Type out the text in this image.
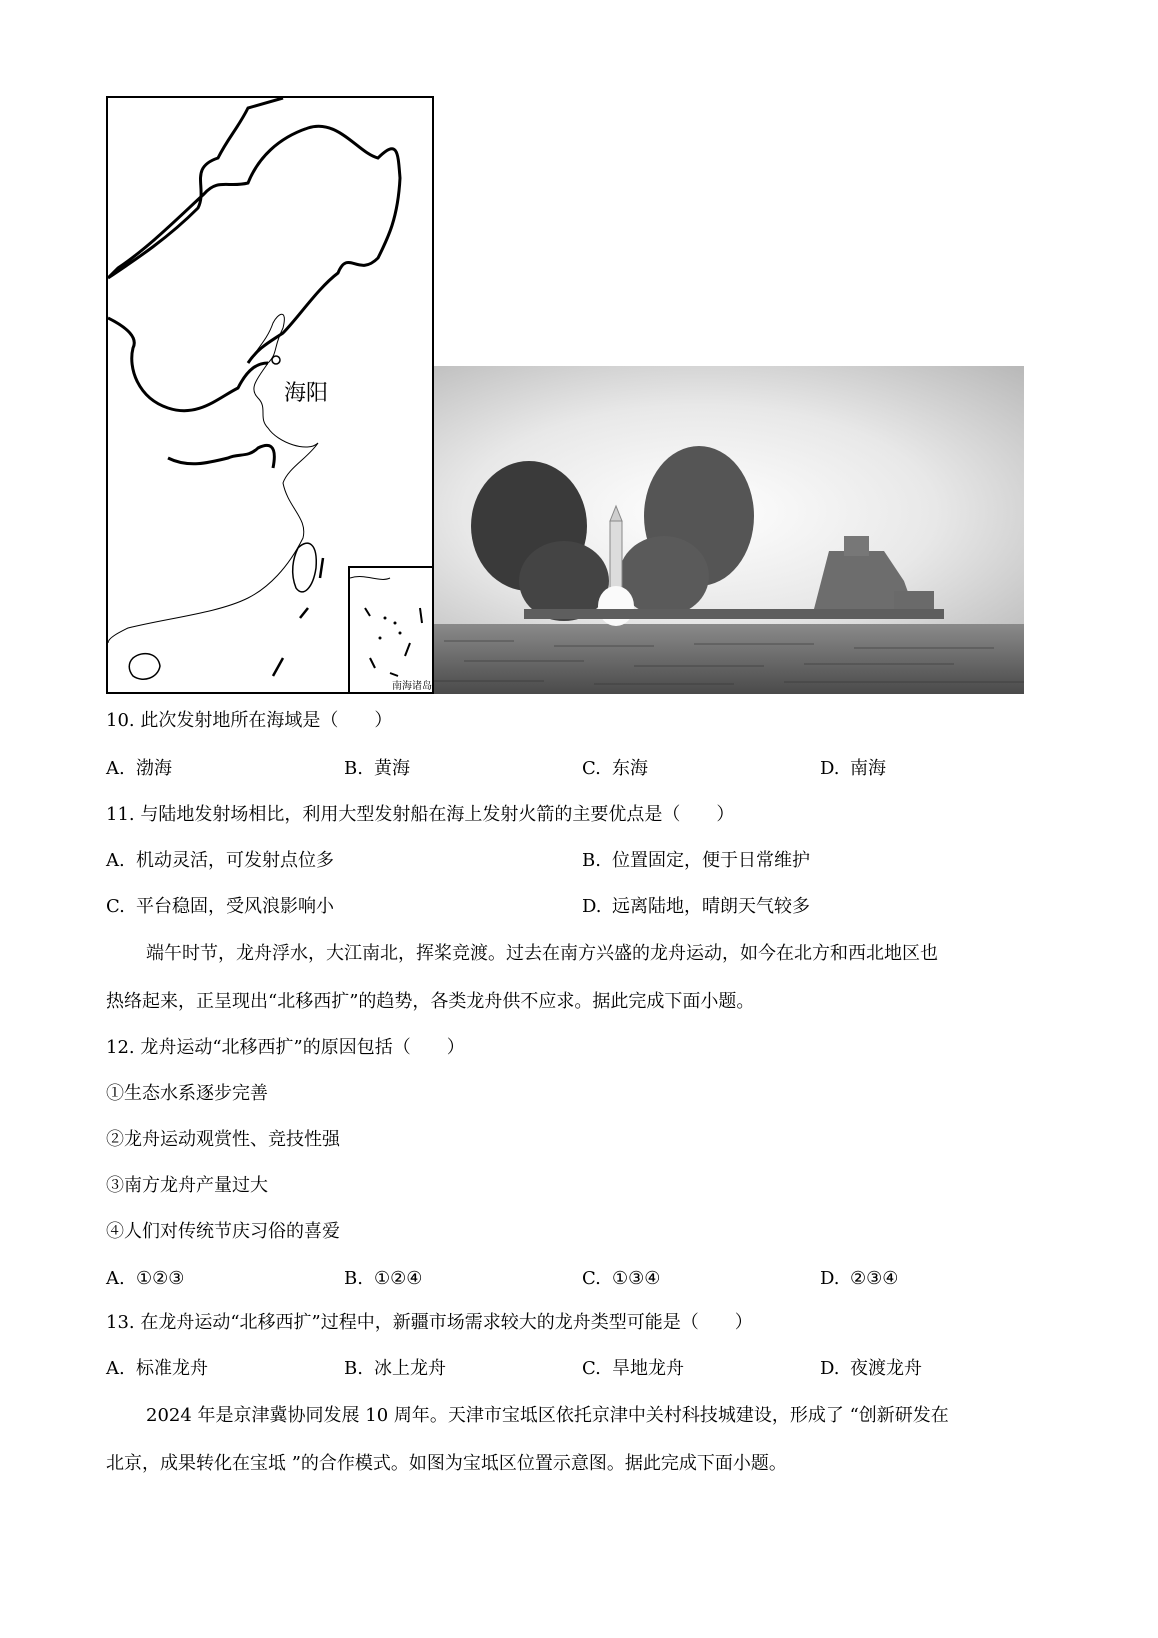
海阳
南海诸岛
10. 此次发射地所在海域是（　　）
A. 渤海	B. 黄海	C. 东海	D. 南海
11. 与陆地发射场相比，利用大型发射船在海上发射火箭的主要优点是（　　）
A. 机动灵活，可发射点位多	B. 位置固定，便于日常维护
C. 平台稳固，受风浪影响小	D. 远离陆地，晴朗天气较多
端午时节，龙舟浮水，大江南北，挥桨竞渡。过去在南方兴盛的龙舟运动，如今在北方和西北地区也
热络起来，正呈现出“北移西扩”的趋势，各类龙舟供不应求。据此完成下面小题。
12. 龙舟运动“北移西扩”的原因包括（　　）
①生态水系逐步完善
②龙舟运动观赏性、竞技性强
③南方龙舟产量过大
④人们对传统节庆习俗的喜爱
A. ①②③	B. ①②④	C. ①③④	D. ②③④
13. 在龙舟运动“北移西扩”过程中，新疆市场需求较大的龙舟类型可能是（　　）
A. 标准龙舟	B. 冰上龙舟	C. 旱地龙舟	D. 夜渡龙舟
2024 年是京津冀协同发展 10 周年。天津市宝坻区依托京津中关村科技城建设，形成了 “创新研发在
北京，成果转化在宝坻 ”的合作模式。如图为宝坻区位置示意图。据此完成下面小题。
